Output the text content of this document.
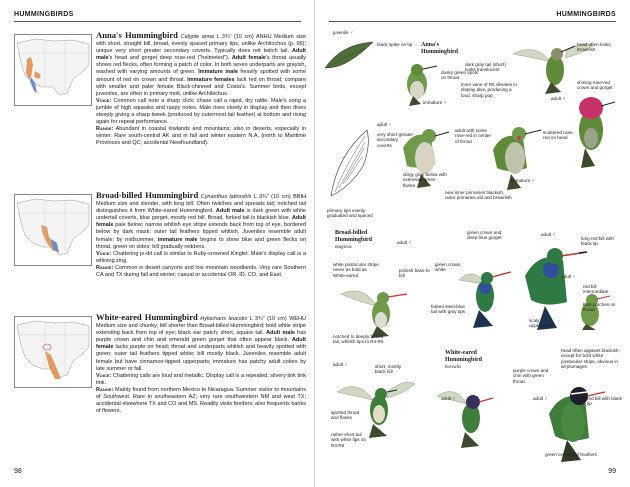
HUMMINGBIRDS

Anna's Hummingbird Calypte anna L 3¾" (10 cm) ANHU Medium size with short, straight bill, broad, evenly spaced primary tips, unlike Archilochus (p. 96); unique very short greater secondary coverts. Typically does not twitch tail. Adult male's head and gorget deep rose-red ("helmeted"). Adult female's throat usually shows red flecks, often forming a patch of color. In both sexes underparts are grayish, washed with varying amounts of green. Immature male heavily spotted with some amount of red on crown and throat. Immature females lack red on throat; compare with smaller and paler female Black-chinned and Costa's. Summer birds, except juveniles, are often in primary molt, unlike Archilochus.

Voice: Common call note a sharp click; chase call a rapid, dry rattle. Male's song a jumble of high squeaks and raspy notes. Male rises slowly in display and then dives steeply giving a sharp tweek (produced by outermost tail feather) at bottom and rising again for repeat performance.

Range: Abundant in coastal lowlands and mountains; also in deserts, especially in winter. Rare south-central AK and in fall and winter eastern N.A. (north to Maritime Provinces and QC; accidental Newfoundland).

Broad-billed Hummingbird Cynanthus latirostris L 3¾" (10 cm) BBIH Medium size and slender, with long bill. Often twitches and spreads tail; notched tail distinguishes it from White-eared Hummingbird. Adult male is dark green with white undertail coverts, blue gorget, mostly red bill. Broad, forked tail is blackish blue. Adult female pale below; narrow whitish eye stripe extends back from top of eye, bordered below by dark mask; outer tail feathers tipped whitish. Juveniles resemble adult female; by midsummer, immature male begins to show blue and green flecks on throat, green on sides; bill gradually reddens.

Voice: Chattering je-dit call is similar to Ruby-crowned Kinglet. Male's display call is a whining zing.

Range: Common in desert canyons and low mountain woodlands. Very rare Southern CA and TX during fall and winter; casual or accidental OR, ID, CO, and East.

White-eared Hummingbird Hylocharis leucotis L 3¾" (10 cm) WEHU Medium size and chunky; bill shorter than Broad-billed Hummingbird; bold white stripe extending back from top of eye; black ear patch; short, square tail. Adult male has purple crown and chin and emerald green gorget that often appear black. Adult female lacks purple on head; throat and underparts whitish and heavily spotted with green; outer tail feathers tipped white; bill mostly black. Juveniles resemble adult female but have cinnamon-tipped upperparts; immature has patchy adult colors by late summer or fall.

Voice: Chattering calls are loud and metallic. Display call is a repeated, silvery tink tink tink.

Range: Mainly found from northern Mexico to Nicaragua. Summer visitor to mountains of Southwest. Rare in southeastern AZ; very rare southwestern NM and west TX; accidental elsewhere TX and CO and MS. Readily visits feeders; also frequents banks of flowers.

98
HUMMINGBIRDS
Anna's
Hummingbird
Broad-billed
Hummingbird
magicus
White-eared
Hummingbird
borealis
juvenile ♂
black spike on tip
dusky green spots on throat
immature ♂
dark gray tail (short) looks translucent
inner vane of R5 vibrates in display dive, producing a loud, sharp pop
head often looks brownish
adult ♂
shining rose-red crown and gorget
adult ♀
very short greater secondary coverts
adult with some rose-red in center of throat
scattered rose-red on head
dingy gray below with extensive green flanks
primary tips evenly graduated and spaced
immature ♂
new inner primaries blackish, outer primaries old and brownish
adult ♂
green crown and deep blue gorget
adult ♂
long red bill with black tip
white postocular stripe never as bold as White-eared
pinkish base to bill
green crown, white
forked steel-blue tail with gray tips
adult ♀
red bill intermediate
blue patches on throat
scaly upperparts
notched to deeply forked tail, whitish tips to R4-R5
adult ♀	short, mostly black bill	purple crown and chin with green throat
head often appears blackish; except for bold white postocular stripe, obvious in all plumages
adult ♂
spotted throat and flanks
red bill with black tip
adult ♂
rather short tail with white tips on R3-R5
green central tail feathers
99
